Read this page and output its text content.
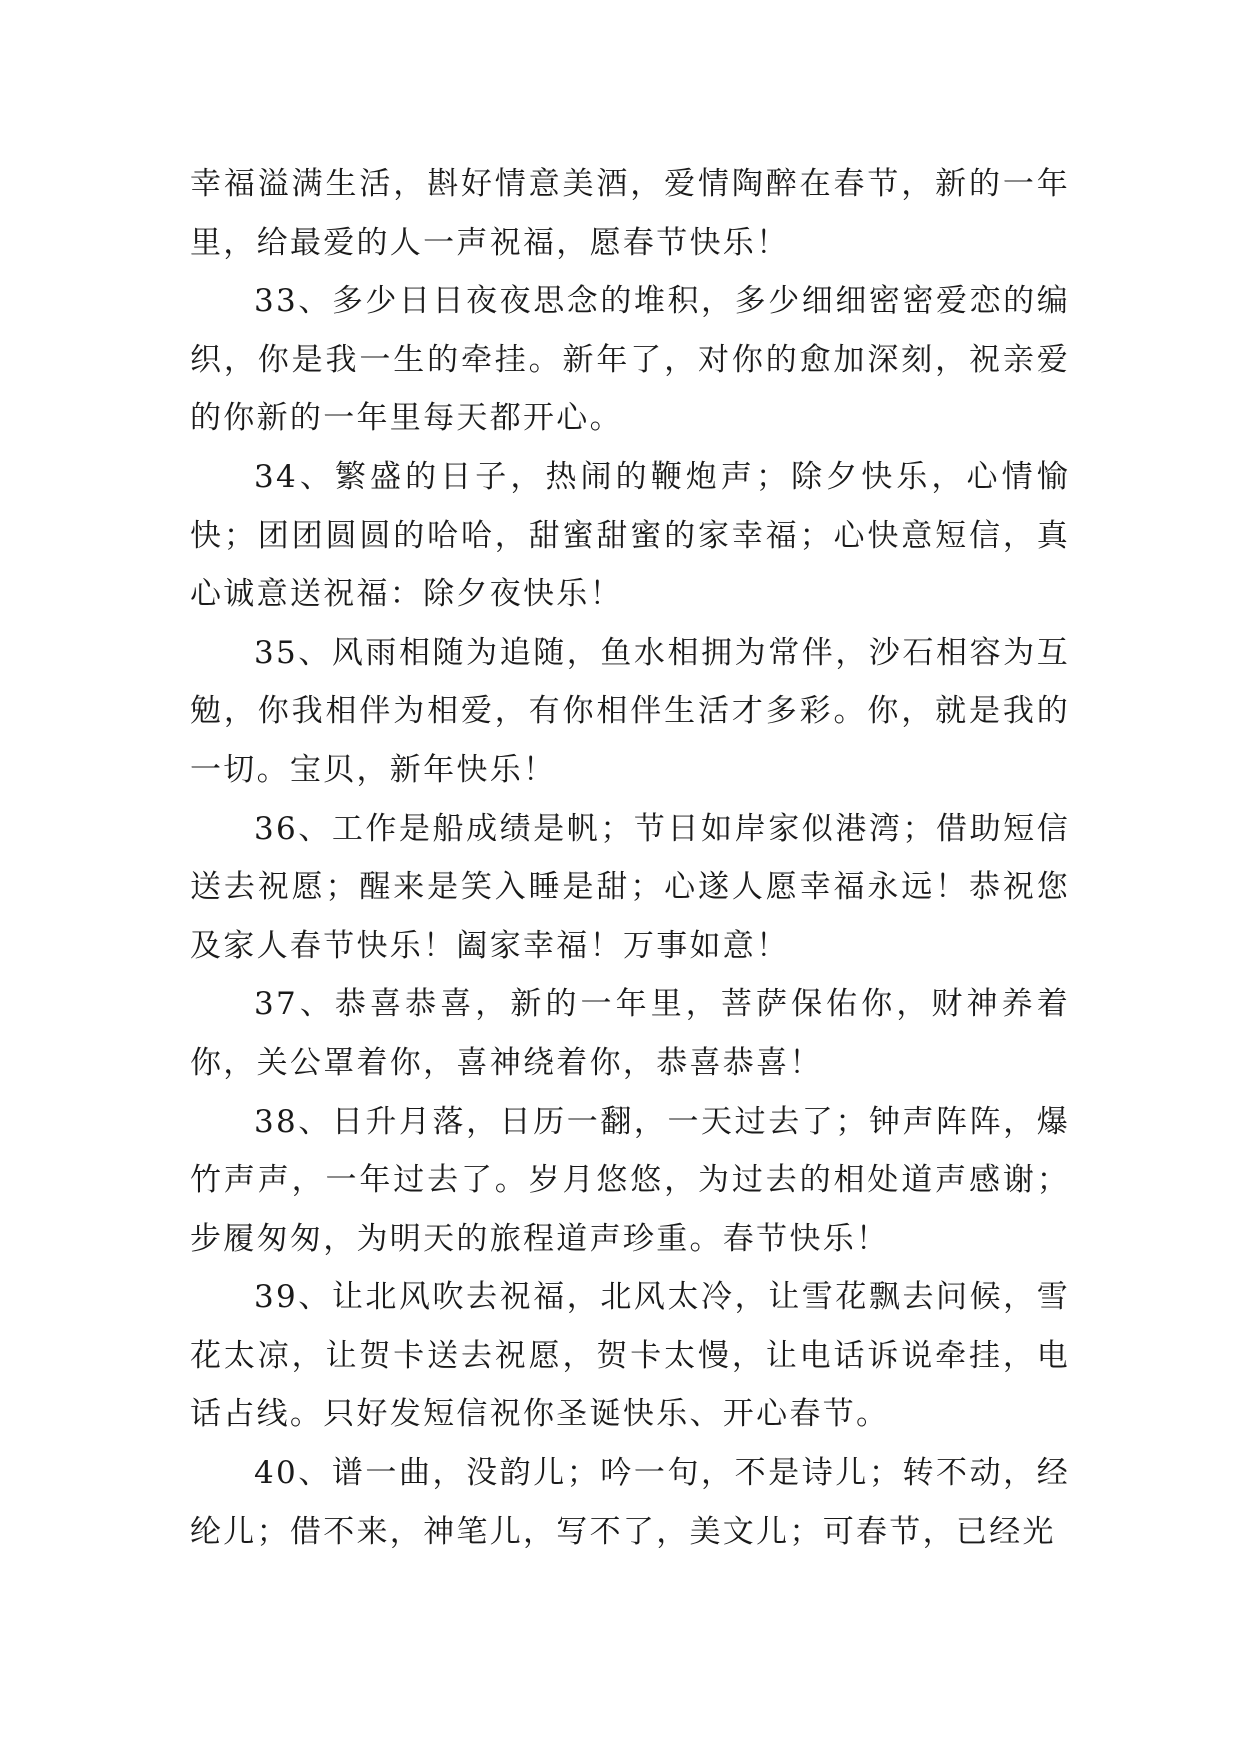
幸福溢满生活，斟好情意美酒，爱情陶醉在春节，新的一年里，给最爱的人一声祝福，愿春节快乐！

33、多少日日夜夜思念的堆积，多少细细密密爱恋的编织，你是我一生的牵挂。新年了，对你的愈加深刻，祝亲爱的你新的一年里每天都开心。

34、繁盛的日子，热闹的鞭炮声；除夕快乐，心情愉快；团团圆圆的哈哈，甜蜜甜蜜的家幸福；心快意短信，真心诚意送祝福：除夕夜快乐！

35、风雨相随为追随，鱼水相拥为常伴，沙石相容为互勉，你我相伴为相爱，有你相伴生活才多彩。你，就是我的一切。宝贝，新年快乐！

36、工作是船成绩是帆；节日如岸家似港湾；借助短信送去祝愿；醒来是笑入睡是甜；心遂人愿幸福永远！恭祝您及家人春节快乐！阖家幸福！万事如意！

37、恭喜恭喜，新的一年里，菩萨保佑你，财神养着你，关公罩着你，喜神绕着你，恭喜恭喜！

38、日升月落，日历一翻，一天过去了；钟声阵阵，爆竹声声，一年过去了。岁月悠悠，为过去的相处道声感谢；步履匆匆，为明天的旅程道声珍重。春节快乐！

39、让北风吹去祝福，北风太冷，让雪花飘去问候，雪花太凉，让贺卡送去祝愿，贺卡太慢，让电话诉说牵挂，电话占线。只好发短信祝你圣诞快乐、开心春节。

40、谱一曲，没韵儿；吟一句，不是诗儿；转不动，经纶儿；借不来，神笔儿，写不了，美文儿；可春节，已经光
